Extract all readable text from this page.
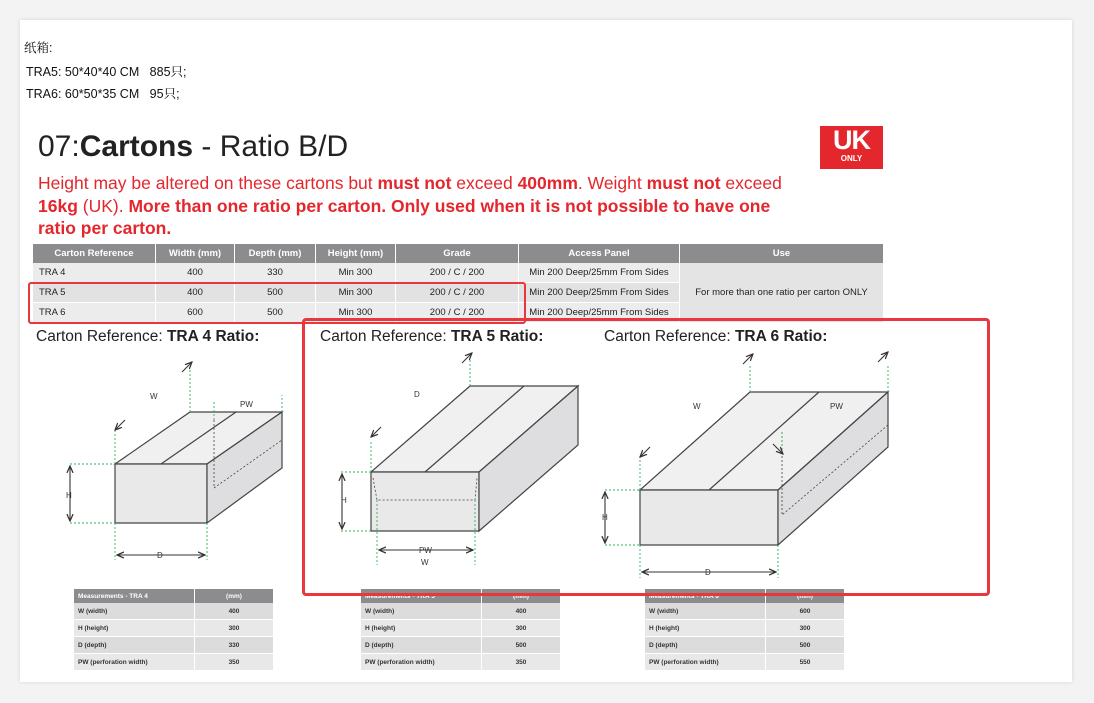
纸箱:
TRA5: 50*40*40 CM   885只;
TRA6: 60*50*35 CM   95只;
07:Cartons - Ratio B/D	UK
ONLY
Height may be altered on these cartons but must not exceed 400mm. Weight must not exceed 16kg (UK). More than one ratio per carton. Only used when it is not possible to have one ratio per carton.
Carton Reference	Width (mm)	Depth (mm)	Height (mm)	Grade	Access Panel	Use
TRA 4	400	330	Min 300	200 / C / 200	Min 200 Deep/25mm From Sides	For more than one ratio per carton ONLY
TRA 5	400	500	Min 300	200 / C / 200	Min 200 Deep/25mm From Sides	
TRA 6	600	500	Min 300	200 / C / 200	Min 200 Deep/25mm From Sides	
Carton Reference: TRA 4 Ratio:	Carton Reference: TRA 5 Ratio:	Carton Reference: TRA 6 Ratio:
H
D
W
PW
D
H
PW
W
H
D
W	PW
Measurements - TRA 4	(mm)
W (width)	400
H (height)	300
D (depth)	330
PW (perforation width)	350
Measurements - TRA 5	(mm)
W (width)	400
H (height)	300
D (depth)	500
PW (perforation width)	350
Measurements - TRA 6	(mm)
W (width)	600
H (height)	300
D (depth)	500
PW (perforation width)	550
